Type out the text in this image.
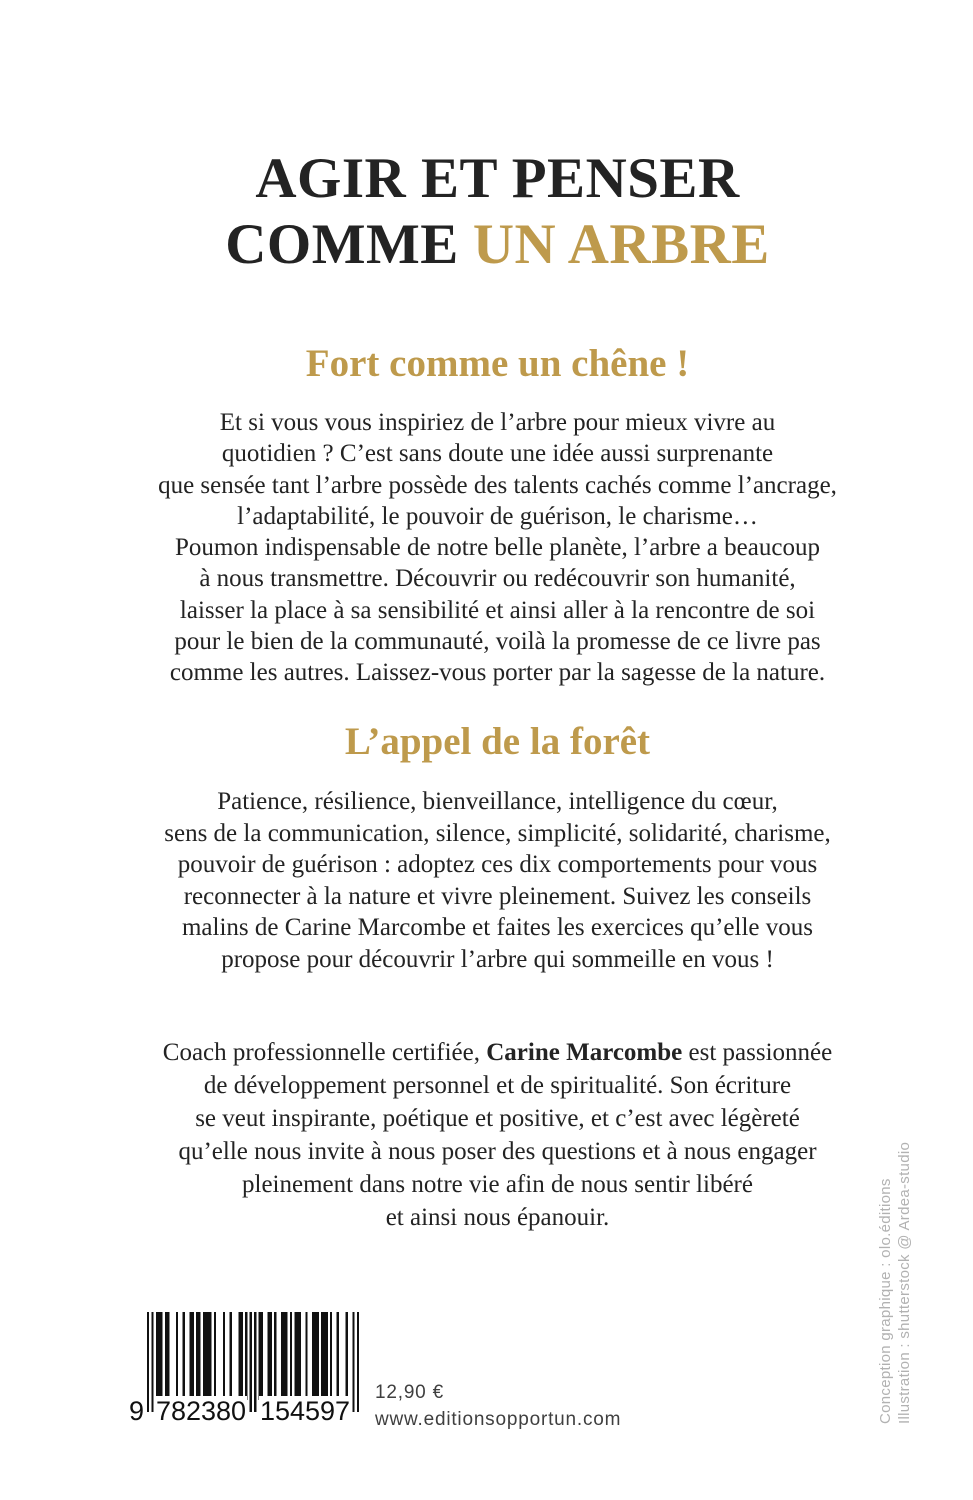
AGIR ET PENSER
COMME UN ARBRE
Fort comme un chêne !
Et si vous vous inspiriez de l’arbre pour mieux vivre au
quotidien ? C’est sans doute une idée aussi surprenante
que sensée tant l’arbre possède des talents cachés comme l’ancrage,
l’adaptabilité, le pouvoir de guérison, le charisme…
Poumon indispensable de notre belle planète, l’arbre a beaucoup
à nous transmettre. Découvrir ou redécouvrir son humanité,
laisser la place à sa sensibilité et ainsi aller à la rencontre de soi
pour le bien de la communauté, voilà la promesse de ce livre pas
comme les autres. Laissez-vous porter par la sagesse de la nature.
L’appel de la forêt
Patience, résilience, bienveillance, intelligence du cœur,
sens de la communication, silence, simplicité, solidarité, charisme,
pouvoir de guérison : adoptez ces dix comportements pour vous
reconnecter à la nature et vivre pleinement. Suivez les conseils
malins de Carine Marcombe et faites les exercices qu’elle vous
propose pour découvrir l’arbre qui sommeille en vous !
Coach professionnelle certifiée, Carine Marcombe est passionnée
de développement personnel et de spiritualité. Son écriture
se veut inspirante, poétique et positive, et c’est avec légèreté
qu’elle nous invite à nous poser des questions et à nous engager
pleinement dans notre vie afin de nous sentir libéré
et ainsi nous épanouir.
9 782380 154597
12,90 €
www.editionsopportun.com	Conception graphique : olo.éditions Illustration : shutterstock @ Ardea-studio
